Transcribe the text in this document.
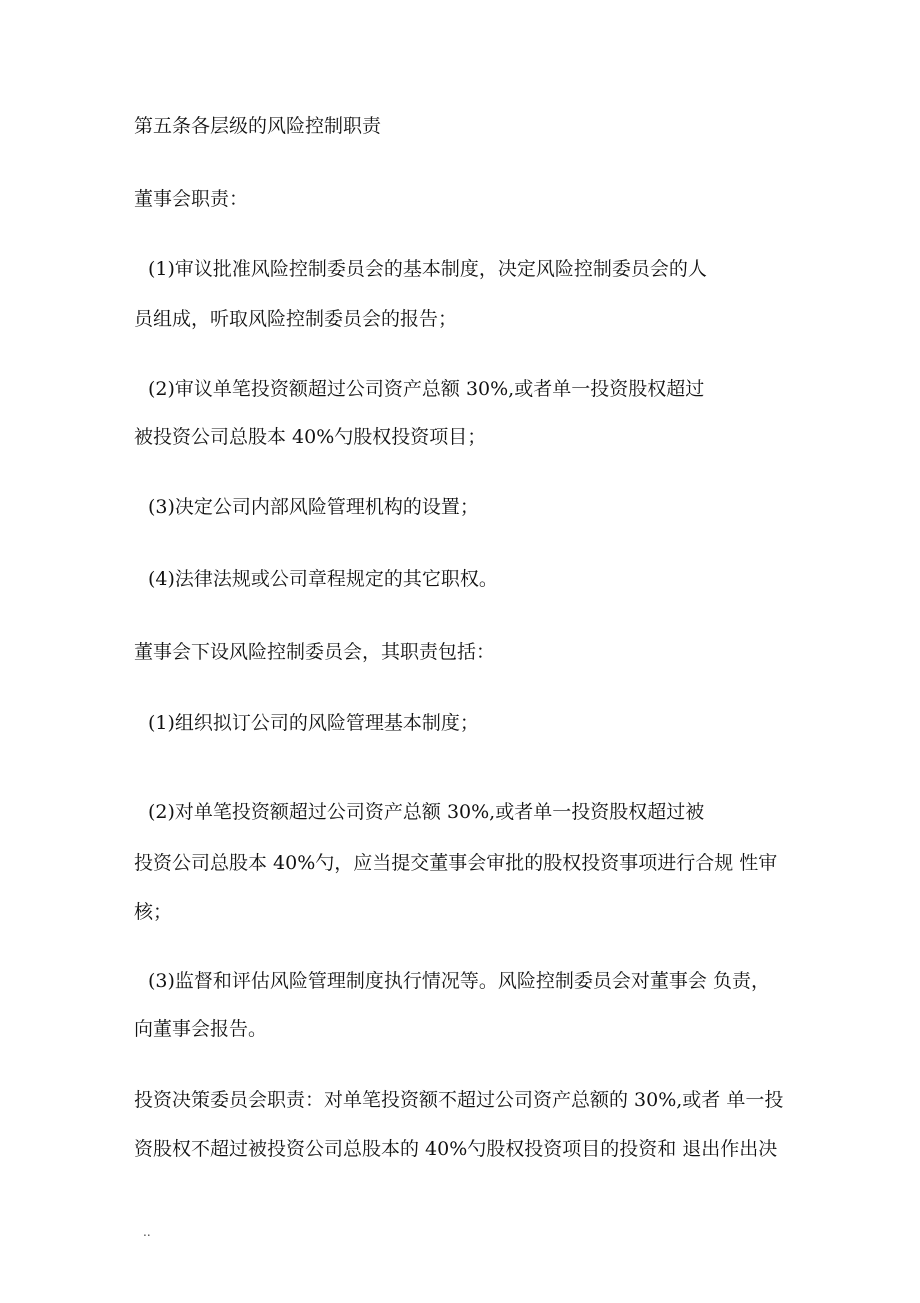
第五条各层级的风险控制职责
董事会职责：
(1)审议批准风险控制委员会的基本制度，决定风险控制委员会的人
员组成，听取风险控制委员会的报告；
(2)审议单笔投资额超过公司资产总额 30%,或者单一投资股权超过
被投资公司总股本 40%勺股权投资项目；
(3)决定公司内部风险管理机构的设置；
(4)法律法规或公司章程规定的其它职权。
董事会下设风险控制委员会，其职责包括：
(1)组织拟订公司的风险管理基本制度；
(2)对单笔投资额超过公司资产总额 30%,或者单一投资股权超过被
投资公司总股本 40%勺，应当提交董事会审批的股权投资事项进行合规 性审
核；
(3)监督和评估风险管理制度执行情况等。风险控制委员会对董事会 负责，
向董事会报告。
投资决策委员会职责：对单笔投资额不超过公司资产总额的 30%,或者 单一投
资股权不超过被投资公司总股本的 40%勺股权投资项目的投资和 退出作出决
..
